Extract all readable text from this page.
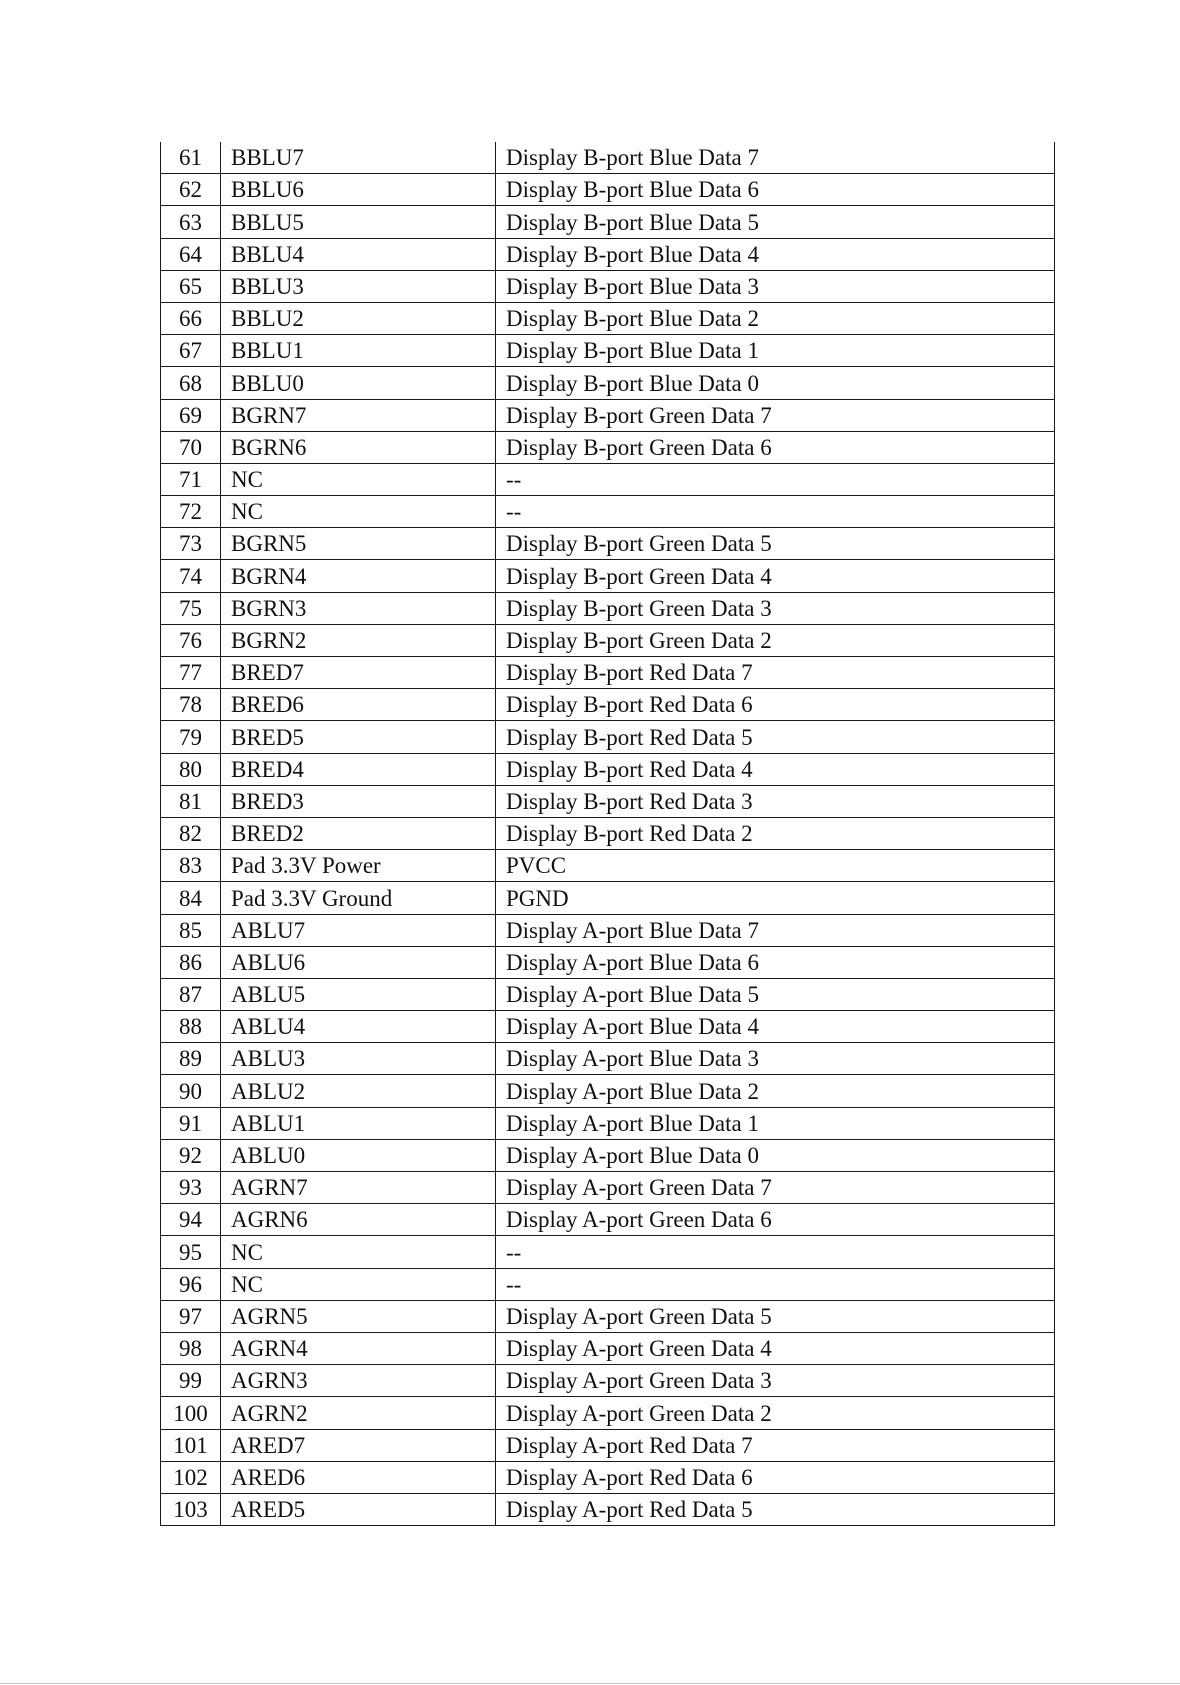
61	BBLU7	Display B-port Blue Data 7
62	BBLU6	Display B-port Blue Data 6
63	BBLU5	Display B-port Blue Data 5
64	BBLU4	Display B-port Blue Data 4
65	BBLU3	Display B-port Blue Data 3
66	BBLU2	Display B-port Blue Data 2
67	BBLU1	Display B-port Blue Data 1
68	BBLU0	Display B-port Blue Data 0
69	BGRN7	Display B-port Green Data 7
70	BGRN6	Display B-port Green Data 6
71	NC	--
72	NC	--
73	BGRN5	Display B-port Green Data 5
74	BGRN4	Display B-port Green Data 4
75	BGRN3	Display B-port Green Data 3
76	BGRN2	Display B-port Green Data 2
77	BRED7	Display B-port Red Data 7
78	BRED6	Display B-port Red Data 6
79	BRED5	Display B-port Red Data 5
80	BRED4	Display B-port Red Data 4
81	BRED3	Display B-port Red Data 3
82	BRED2	Display B-port Red Data 2
83	Pad 3.3V Power	PVCC
84	Pad 3.3V Ground	PGND
85	ABLU7	Display A-port Blue Data 7
86	ABLU6	Display A-port Blue Data 6
87	ABLU5	Display A-port Blue Data 5
88	ABLU4	Display A-port Blue Data 4
89	ABLU3	Display A-port Blue Data 3
90	ABLU2	Display A-port Blue Data 2
91	ABLU1	Display A-port Blue Data 1
92	ABLU0	Display A-port Blue Data 0
93	AGRN7	Display A-port Green Data 7
94	AGRN6	Display A-port Green Data 6
95	NC	--
96	NC	--
97	AGRN5	Display A-port Green Data 5
98	AGRN4	Display A-port Green Data 4
99	AGRN3	Display A-port Green Data 3
100	AGRN2	Display A-port Green Data 2
101	ARED7	Display A-port Red Data 7
102	ARED6	Display A-port Red Data 6
103	ARED5	Display A-port Red Data 5
